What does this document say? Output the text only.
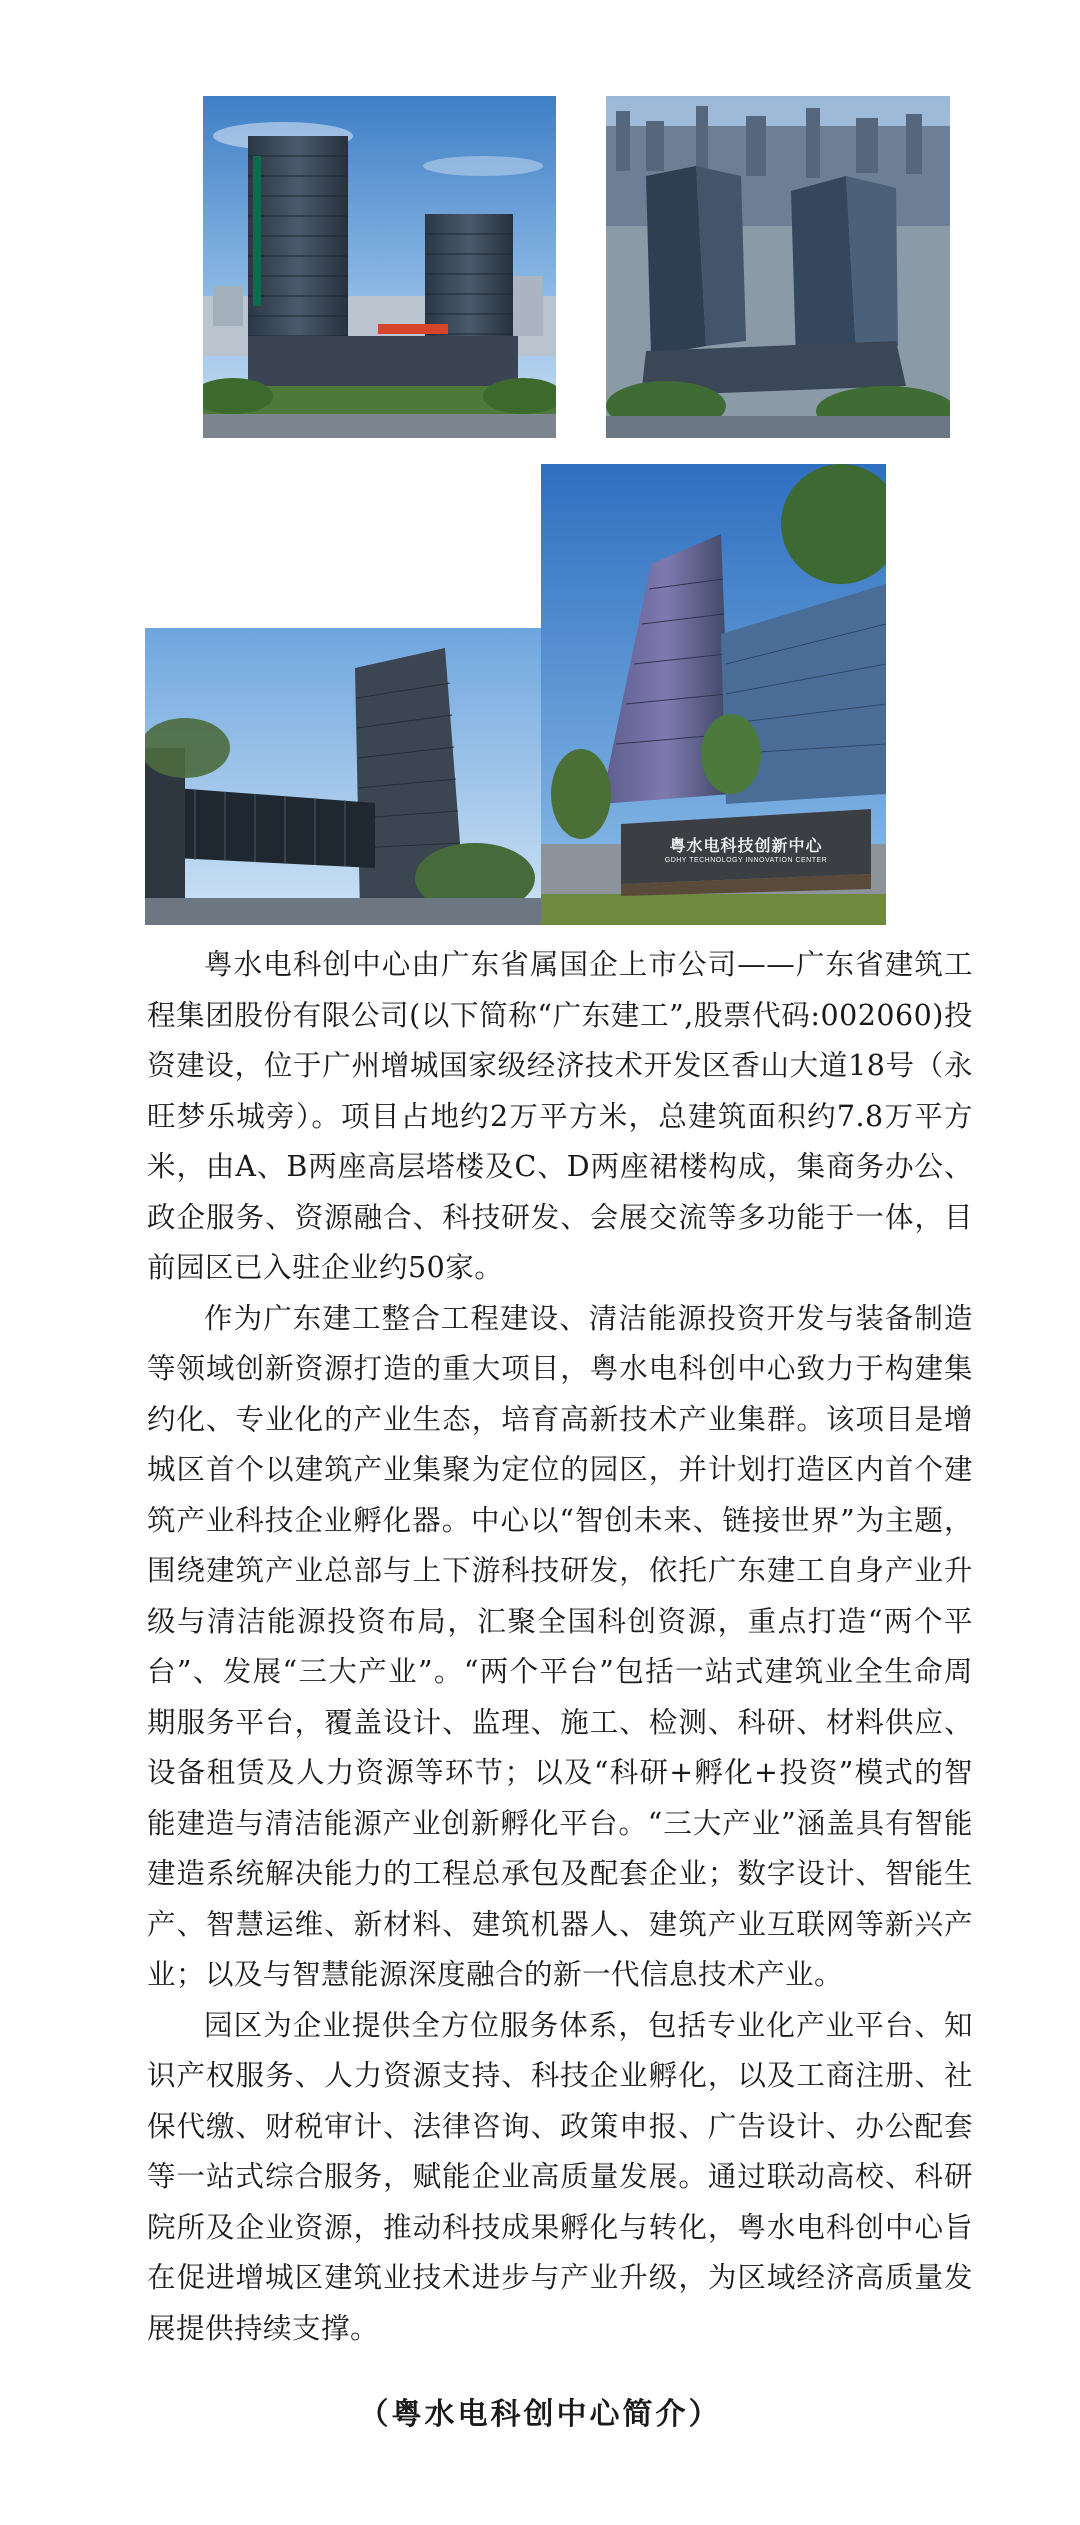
粤水电科技创新中心
GDHY TECHNOLOGY INNOVATION CENTER

粤水电科创中心由广东省属国企上市公司——广东省建筑工程集团股份有限公司(以下简称“广东建工”,股票代码:002060)投资建设，位于广州增城国家级经济技术开发区香山大道18号（永旺梦乐城旁）。项目占地约2万平方米，总建筑面积约7.8万平方米，由A、B两座高层塔楼及C、D两座裙楼构成，集商务办公、政企服务、资源融合、科技研发、会展交流等多功能于一体，目前园区已入驻企业约50家。

作为广东建工整合工程建设、清洁能源投资开发与装备制造等领域创新资源打造的重大项目，粤水电科创中心致力于构建集约化、专业化的产业生态，培育高新技术产业集群。该项目是增城区首个以建筑产业集聚为定位的园区，并计划打造区内首个建筑产业科技企业孵化器。中心以“智创未来、链接世界”为主题，围绕建筑产业总部与上下游科技研发，依托广东建工自身产业升级与清洁能源投资布局，汇聚全国科创资源，重点打造“两个平台”、发展“三大产业”。“两个平台”包括一站式建筑业全生命周期服务平台，覆盖设计、监理、施工、检测、科研、材料供应、设备租赁及人力资源等环节；以及“科研+孵化+投资”模式的智能建造与清洁能源产业创新孵化平台。“三大产业”涵盖具有智能建造系统解决能力的工程总承包及配套企业；数字设计、智能生产、智慧运维、新材料、建筑机器人、建筑产业互联网等新兴产业；以及与智慧能源深度融合的新一代信息技术产业。

园区为企业提供全方位服务体系，包括专业化产业平台、知识产权服务、人力资源支持、科技企业孵化，以及工商注册、社保代缴、财税审计、法律咨询、政策申报、广告设计、办公配套等一站式综合服务，赋能企业高质量发展。通过联动高校、科研院所及企业资源，推动科技成果孵化与转化，粤水电科创中心旨在促进增城区建筑业技术进步与产业升级，为区域经济高质量发展提供持续支撑。

（粤水电科创中心简介）
